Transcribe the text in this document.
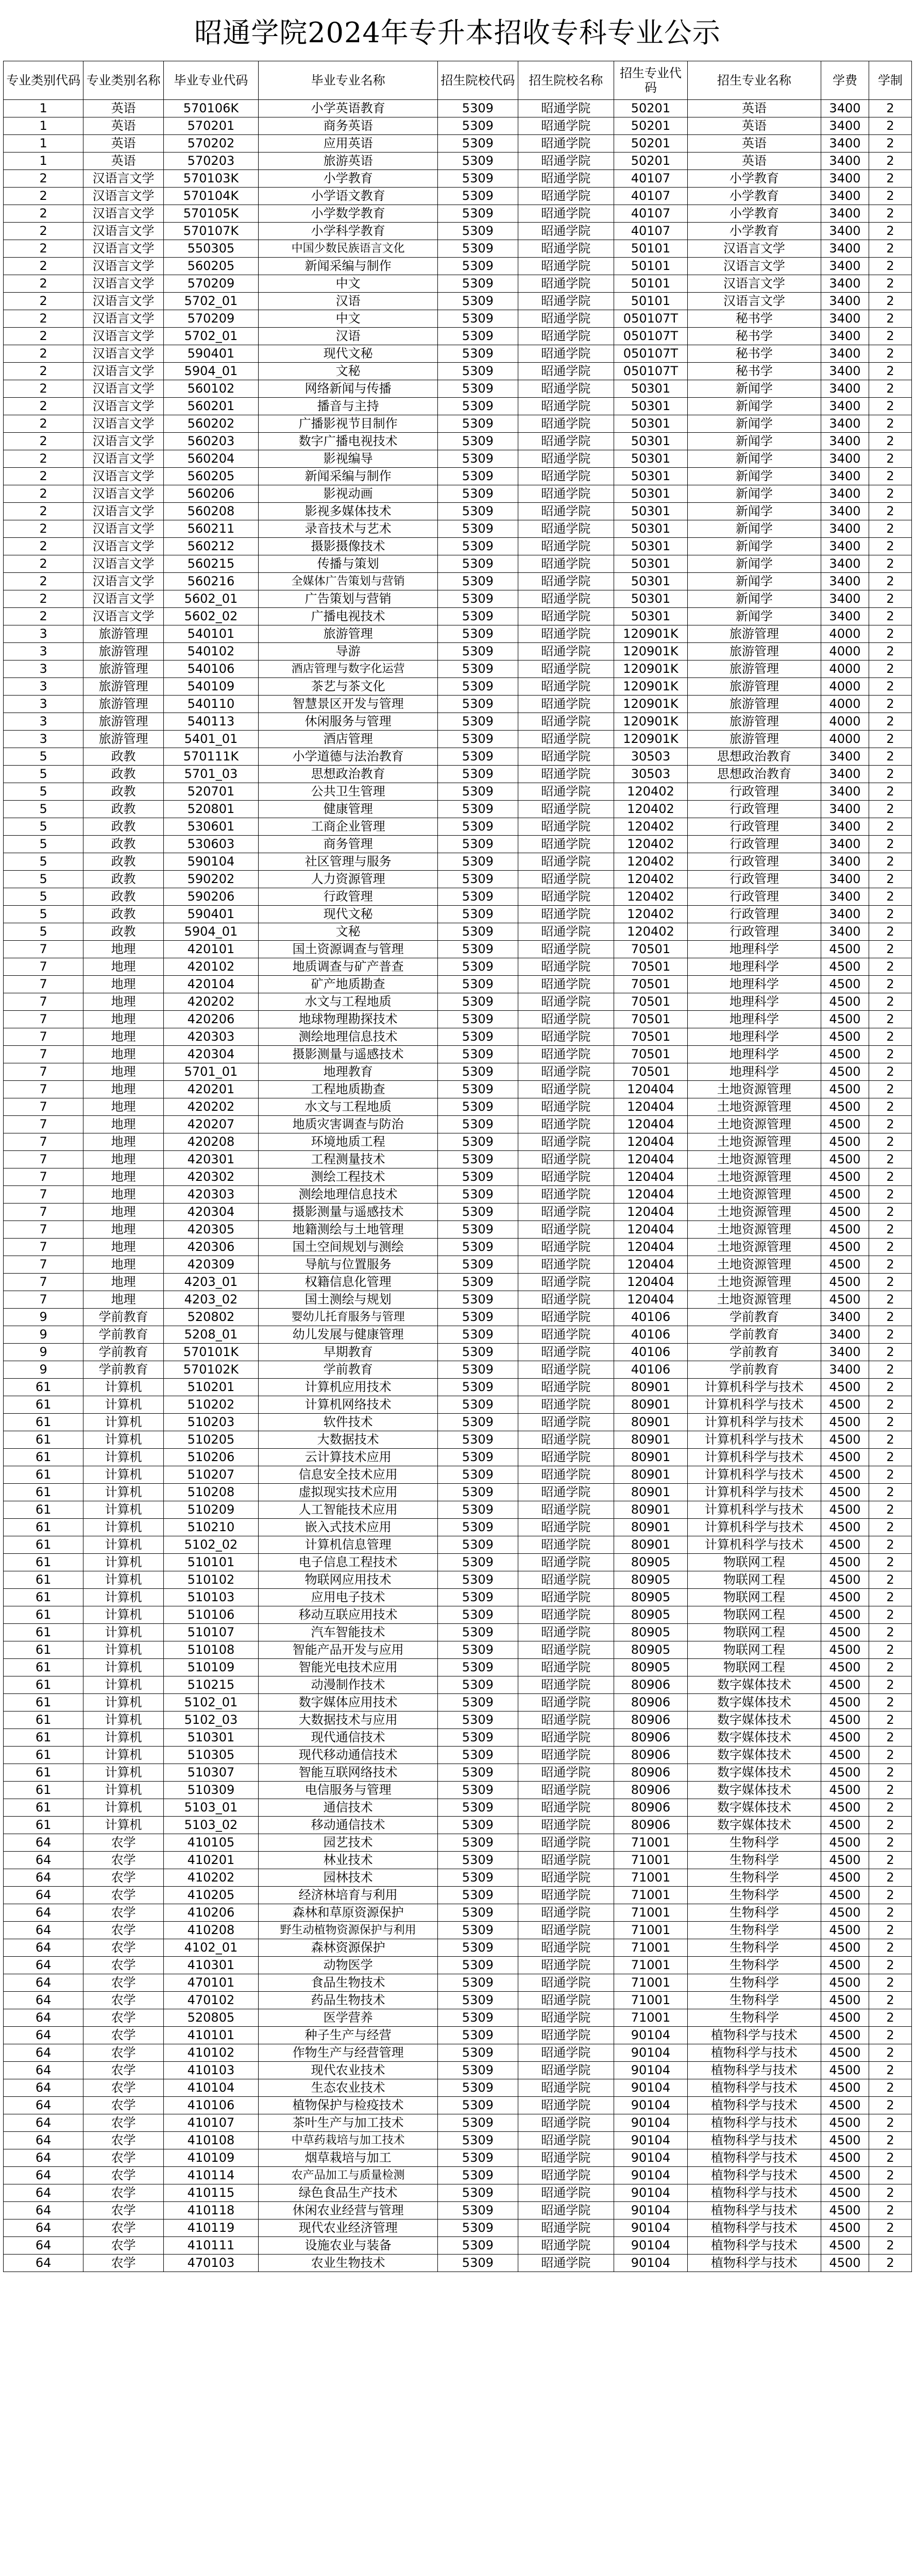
昭通学院2024年专升本招收专科专业公示
专业类别代码	专业类别名称	毕业专业代码	毕业专业名称	招生院校代码	招生院校名称	招生专业代码	招生专业名称	学费	学制
1	英语	570106K	小学英语教育	5309	昭通学院	50201	英语	3400	2
1	英语	570201	商务英语	5309	昭通学院	50201	英语	3400	2
1	英语	570202	应用英语	5309	昭通学院	50201	英语	3400	2
1	英语	570203	旅游英语	5309	昭通学院	50201	英语	3400	2
2	汉语言文学	570103K	小学教育	5309	昭通学院	40107	小学教育	3400	2
2	汉语言文学	570104K	小学语文教育	5309	昭通学院	40107	小学教育	3400	2
2	汉语言文学	570105K	小学数学教育	5309	昭通学院	40107	小学教育	3400	2
2	汉语言文学	570107K	小学科学教育	5309	昭通学院	40107	小学教育	3400	2
2	汉语言文学	550305	中国少数民族语言文化	5309	昭通学院	50101	汉语言文学	3400	2
2	汉语言文学	560205	新闻采编与制作	5309	昭通学院	50101	汉语言文学	3400	2
2	汉语言文学	570209	中文	5309	昭通学院	50101	汉语言文学	3400	2
2	汉语言文学	5702_01	汉语	5309	昭通学院	50101	汉语言文学	3400	2
2	汉语言文学	570209	中文	5309	昭通学院	050107T	秘书学	3400	2
2	汉语言文学	5702_01	汉语	5309	昭通学院	050107T	秘书学	3400	2
2	汉语言文学	590401	现代文秘	5309	昭通学院	050107T	秘书学	3400	2
2	汉语言文学	5904_01	文秘	5309	昭通学院	050107T	秘书学	3400	2
2	汉语言文学	560102	网络新闻与传播	5309	昭通学院	50301	新闻学	3400	2
2	汉语言文学	560201	播音与主持	5309	昭通学院	50301	新闻学	3400	2
2	汉语言文学	560202	广播影视节目制作	5309	昭通学院	50301	新闻学	3400	2
2	汉语言文学	560203	数字广播电视技术	5309	昭通学院	50301	新闻学	3400	2
2	汉语言文学	560204	影视编导	5309	昭通学院	50301	新闻学	3400	2
2	汉语言文学	560205	新闻采编与制作	5309	昭通学院	50301	新闻学	3400	2
2	汉语言文学	560206	影视动画	5309	昭通学院	50301	新闻学	3400	2
2	汉语言文学	560208	影视多媒体技术	5309	昭通学院	50301	新闻学	3400	2
2	汉语言文学	560211	录音技术与艺术	5309	昭通学院	50301	新闻学	3400	2
2	汉语言文学	560212	摄影摄像技术	5309	昭通学院	50301	新闻学	3400	2
2	汉语言文学	560215	传播与策划	5309	昭通学院	50301	新闻学	3400	2
2	汉语言文学	560216	全媒体广告策划与营销	5309	昭通学院	50301	新闻学	3400	2
2	汉语言文学	5602_01	广告策划与营销	5309	昭通学院	50301	新闻学	3400	2
2	汉语言文学	5602_02	广播电视技术	5309	昭通学院	50301	新闻学	3400	2
3	旅游管理	540101	旅游管理	5309	昭通学院	120901K	旅游管理	4000	2
3	旅游管理	540102	导游	5309	昭通学院	120901K	旅游管理	4000	2
3	旅游管理	540106	酒店管理与数字化运营	5309	昭通学院	120901K	旅游管理	4000	2
3	旅游管理	540109	茶艺与茶文化	5309	昭通学院	120901K	旅游管理	4000	2
3	旅游管理	540110	智慧景区开发与管理	5309	昭通学院	120901K	旅游管理	4000	2
3	旅游管理	540113	休闲服务与管理	5309	昭通学院	120901K	旅游管理	4000	2
3	旅游管理	5401_01	酒店管理	5309	昭通学院	120901K	旅游管理	4000	2
5	政教	570111K	小学道德与法治教育	5309	昭通学院	30503	思想政治教育	3400	2
5	政教	5701_03	思想政治教育	5309	昭通学院	30503	思想政治教育	3400	2
5	政教	520701	公共卫生管理	5309	昭通学院	120402	行政管理	3400	2
5	政教	520801	健康管理	5309	昭通学院	120402	行政管理	3400	2
5	政教	530601	工商企业管理	5309	昭通学院	120402	行政管理	3400	2
5	政教	530603	商务管理	5309	昭通学院	120402	行政管理	3400	2
5	政教	590104	社区管理与服务	5309	昭通学院	120402	行政管理	3400	2
5	政教	590202	人力资源管理	5309	昭通学院	120402	行政管理	3400	2
5	政教	590206	行政管理	5309	昭通学院	120402	行政管理	3400	2
5	政教	590401	现代文秘	5309	昭通学院	120402	行政管理	3400	2
5	政教	5904_01	文秘	5309	昭通学院	120402	行政管理	3400	2
7	地理	420101	国土资源调查与管理	5309	昭通学院	70501	地理科学	4500	2
7	地理	420102	地质调查与矿产普查	5309	昭通学院	70501	地理科学	4500	2
7	地理	420104	矿产地质勘查	5309	昭通学院	70501	地理科学	4500	2
7	地理	420202	水文与工程地质	5309	昭通学院	70501	地理科学	4500	2
7	地理	420206	地球物理勘探技术	5309	昭通学院	70501	地理科学	4500	2
7	地理	420303	测绘地理信息技术	5309	昭通学院	70501	地理科学	4500	2
7	地理	420304	摄影测量与遥感技术	5309	昭通学院	70501	地理科学	4500	2
7	地理	5701_01	地理教育	5309	昭通学院	70501	地理科学	4500	2
7	地理	420201	工程地质勘查	5309	昭通学院	120404	土地资源管理	4500	2
7	地理	420202	水文与工程地质	5309	昭通学院	120404	土地资源管理	4500	2
7	地理	420207	地质灾害调查与防治	5309	昭通学院	120404	土地资源管理	4500	2
7	地理	420208	环境地质工程	5309	昭通学院	120404	土地资源管理	4500	2
7	地理	420301	工程测量技术	5309	昭通学院	120404	土地资源管理	4500	2
7	地理	420302	测绘工程技术	5309	昭通学院	120404	土地资源管理	4500	2
7	地理	420303	测绘地理信息技术	5309	昭通学院	120404	土地资源管理	4500	2
7	地理	420304	摄影测量与遥感技术	5309	昭通学院	120404	土地资源管理	4500	2
7	地理	420305	地籍测绘与土地管理	5309	昭通学院	120404	土地资源管理	4500	2
7	地理	420306	国土空间规划与测绘	5309	昭通学院	120404	土地资源管理	4500	2
7	地理	420309	导航与位置服务	5309	昭通学院	120404	土地资源管理	4500	2
7	地理	4203_01	权籍信息化管理	5309	昭通学院	120404	土地资源管理	4500	2
7	地理	4203_02	国土测绘与规划	5309	昭通学院	120404	土地资源管理	4500	2
9	学前教育	520802	婴幼儿托育服务与管理	5309	昭通学院	40106	学前教育	3400	2
9	学前教育	5208_01	幼儿发展与健康管理	5309	昭通学院	40106	学前教育	3400	2
9	学前教育	570101K	早期教育	5309	昭通学院	40106	学前教育	3400	2
9	学前教育	570102K	学前教育	5309	昭通学院	40106	学前教育	3400	2
61	计算机	510201	计算机应用技术	5309	昭通学院	80901	计算机科学与技术	4500	2
61	计算机	510202	计算机网络技术	5309	昭通学院	80901	计算机科学与技术	4500	2
61	计算机	510203	软件技术	5309	昭通学院	80901	计算机科学与技术	4500	2
61	计算机	510205	大数据技术	5309	昭通学院	80901	计算机科学与技术	4500	2
61	计算机	510206	云计算技术应用	5309	昭通学院	80901	计算机科学与技术	4500	2
61	计算机	510207	信息安全技术应用	5309	昭通学院	80901	计算机科学与技术	4500	2
61	计算机	510208	虚拟现实技术应用	5309	昭通学院	80901	计算机科学与技术	4500	2
61	计算机	510209	人工智能技术应用	5309	昭通学院	80901	计算机科学与技术	4500	2
61	计算机	510210	嵌入式技术应用	5309	昭通学院	80901	计算机科学与技术	4500	2
61	计算机	5102_02	计算机信息管理	5309	昭通学院	80901	计算机科学与技术	4500	2
61	计算机	510101	电子信息工程技术	5309	昭通学院	80905	物联网工程	4500	2
61	计算机	510102	物联网应用技术	5309	昭通学院	80905	物联网工程	4500	2
61	计算机	510103	应用电子技术	5309	昭通学院	80905	物联网工程	4500	2
61	计算机	510106	移动互联应用技术	5309	昭通学院	80905	物联网工程	4500	2
61	计算机	510107	汽车智能技术	5309	昭通学院	80905	物联网工程	4500	2
61	计算机	510108	智能产品开发与应用	5309	昭通学院	80905	物联网工程	4500	2
61	计算机	510109	智能光电技术应用	5309	昭通学院	80905	物联网工程	4500	2
61	计算机	510215	动漫制作技术	5309	昭通学院	80906	数字媒体技术	4500	2
61	计算机	5102_01	数字媒体应用技术	5309	昭通学院	80906	数字媒体技术	4500	2
61	计算机	5102_03	大数据技术与应用	5309	昭通学院	80906	数字媒体技术	4500	2
61	计算机	510301	现代通信技术	5309	昭通学院	80906	数字媒体技术	4500	2
61	计算机	510305	现代移动通信技术	5309	昭通学院	80906	数字媒体技术	4500	2
61	计算机	510307	智能互联网络技术	5309	昭通学院	80906	数字媒体技术	4500	2
61	计算机	510309	电信服务与管理	5309	昭通学院	80906	数字媒体技术	4500	2
61	计算机	5103_01	通信技术	5309	昭通学院	80906	数字媒体技术	4500	2
61	计算机	5103_02	移动通信技术	5309	昭通学院	80906	数字媒体技术	4500	2
64	农学	410105	园艺技术	5309	昭通学院	71001	生物科学	4500	2
64	农学	410201	林业技术	5309	昭通学院	71001	生物科学	4500	2
64	农学	410202	园林技术	5309	昭通学院	71001	生物科学	4500	2
64	农学	410205	经济林培育与利用	5309	昭通学院	71001	生物科学	4500	2
64	农学	410206	森林和草原资源保护	5309	昭通学院	71001	生物科学	4500	2
64	农学	410208	野生动植物资源保护与利用	5309	昭通学院	71001	生物科学	4500	2
64	农学	4102_01	森林资源保护	5309	昭通学院	71001	生物科学	4500	2
64	农学	410301	动物医学	5309	昭通学院	71001	生物科学	4500	2
64	农学	470101	食品生物技术	5309	昭通学院	71001	生物科学	4500	2
64	农学	470102	药品生物技术	5309	昭通学院	71001	生物科学	4500	2
64	农学	520805	医学营养	5309	昭通学院	71001	生物科学	4500	2
64	农学	410101	种子生产与经营	5309	昭通学院	90104	植物科学与技术	4500	2
64	农学	410102	作物生产与经营管理	5309	昭通学院	90104	植物科学与技术	4500	2
64	农学	410103	现代农业技术	5309	昭通学院	90104	植物科学与技术	4500	2
64	农学	410104	生态农业技术	5309	昭通学院	90104	植物科学与技术	4500	2
64	农学	410106	植物保护与检疫技术	5309	昭通学院	90104	植物科学与技术	4500	2
64	农学	410107	茶叶生产与加工技术	5309	昭通学院	90104	植物科学与技术	4500	2
64	农学	410108	中草药栽培与加工技术	5309	昭通学院	90104	植物科学与技术	4500	2
64	农学	410109	烟草栽培与加工	5309	昭通学院	90104	植物科学与技术	4500	2
64	农学	410114	农产品加工与质量检测	5309	昭通学院	90104	植物科学与技术	4500	2
64	农学	410115	绿色食品生产技术	5309	昭通学院	90104	植物科学与技术	4500	2
64	农学	410118	休闲农业经营与管理	5309	昭通学院	90104	植物科学与技术	4500	2
64	农学	410119	现代农业经济管理	5309	昭通学院	90104	植物科学与技术	4500	2
64	农学	410111	设施农业与装备	5309	昭通学院	90104	植物科学与技术	4500	2
64	农学	470103	农业生物技术	5309	昭通学院	90104	植物科学与技术	4500	2
